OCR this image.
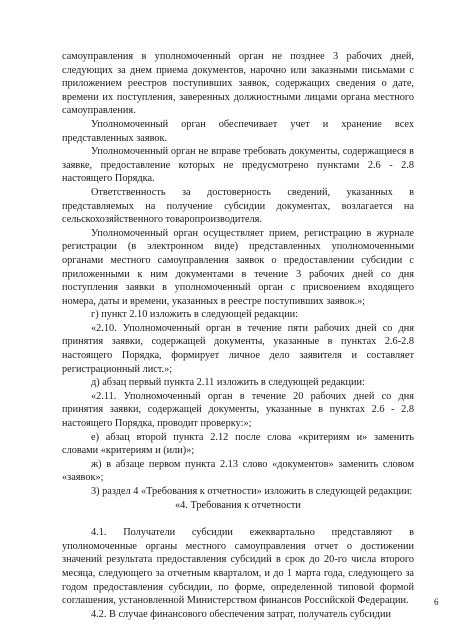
самоуправления в уполномоченный орган не позднее 3 рабочих дней, следующих за днем приема документов, нарочно или заказными письмами с приложением реестров поступивших заявок, содержащих сведения о дате, времени их поступления, заверенных должностными лицами органа местного самоуправления.

Уполномоченный орган обеспечивает учет и хранение всех представленных заявок.

Уполномоченный орган не вправе требовать документы, содержащиеся в заявке, предоставление которых не предусмотрено пунктами 2.6 - 2.8 настоящего Порядка.

Ответственность за достоверность сведений, указанных в представляемых на получение субсидии документах, возлагается на сельскохозяйственного товаропроизводителя.

Уполномоченный орган осуществляет прием, регистрацию в журнале регистрации (в электронном виде) представленных уполномоченными органами местного самоуправления заявок о предоставлении субсидии с приложенными к ним документами в течение 3 рабочих дней со дня поступления заявки в уполномоченный орган с присвоением входящего номера, даты и времени, указанных в реестре поступивших заявок.»;

г) пункт 2.10 изложить в следующей редакции:

«2.10. Уполномоченный орган в течение пяти рабочих дней со дня принятия заявки, содержащей документы, указанные в пунктах 2.6-2.8 настоящего Порядка, формирует личное дело заявителя и составляет регистрационный лист.»;

д) абзац первый пункта 2.11 изложить в следующей редакции:

«2.11. Уполномоченный орган в течение 20 рабочих дней со дня принятия заявки, содержащей документы, указанные в пунктах 2.6 - 2.8 настоящего Порядка, проводит проверку:»;

е) абзац второй пункта 2.12 после слова «критериям и» заменить словами «критериям и (или)»;

ж) в абзаце первом пункта 2.13 слово «документов» заменить словом «заявок»;

3) раздел 4 «Требования к отчетности» изложить в следующей редакции:

«4. Требования к отчетности

4.1. Получатели субсидии ежеквартально представляют в уполномоченные органы местного самоуправления отчет о достижении значений результата предоставления субсидий в срок до 20-го числа второго месяца, следующего за отчетным кварталом, и до 1 марта года, следующего за годом предоставления субсидии, по форме, определенной типовой формой соглашения, установленной Министерством финансов Российской Федерации.

4.2. В случае финансового обеспечения затрат, получатель субсидии

6
